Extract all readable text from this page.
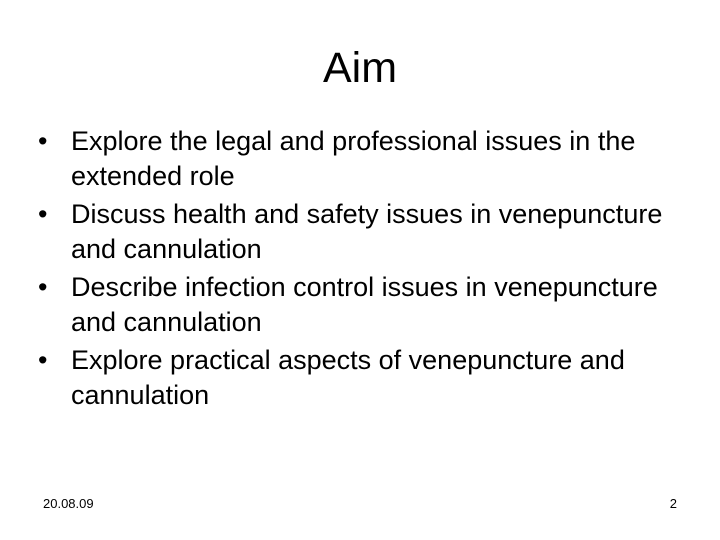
Aim
• Explore the legal and professional issues in the extended role
• Discuss health and safety issues in venepuncture and cannulation
• Describe infection control issues in venepuncture and cannulation
• Explore practical aspects of venepuncture and cannulation
20.08.09	2
